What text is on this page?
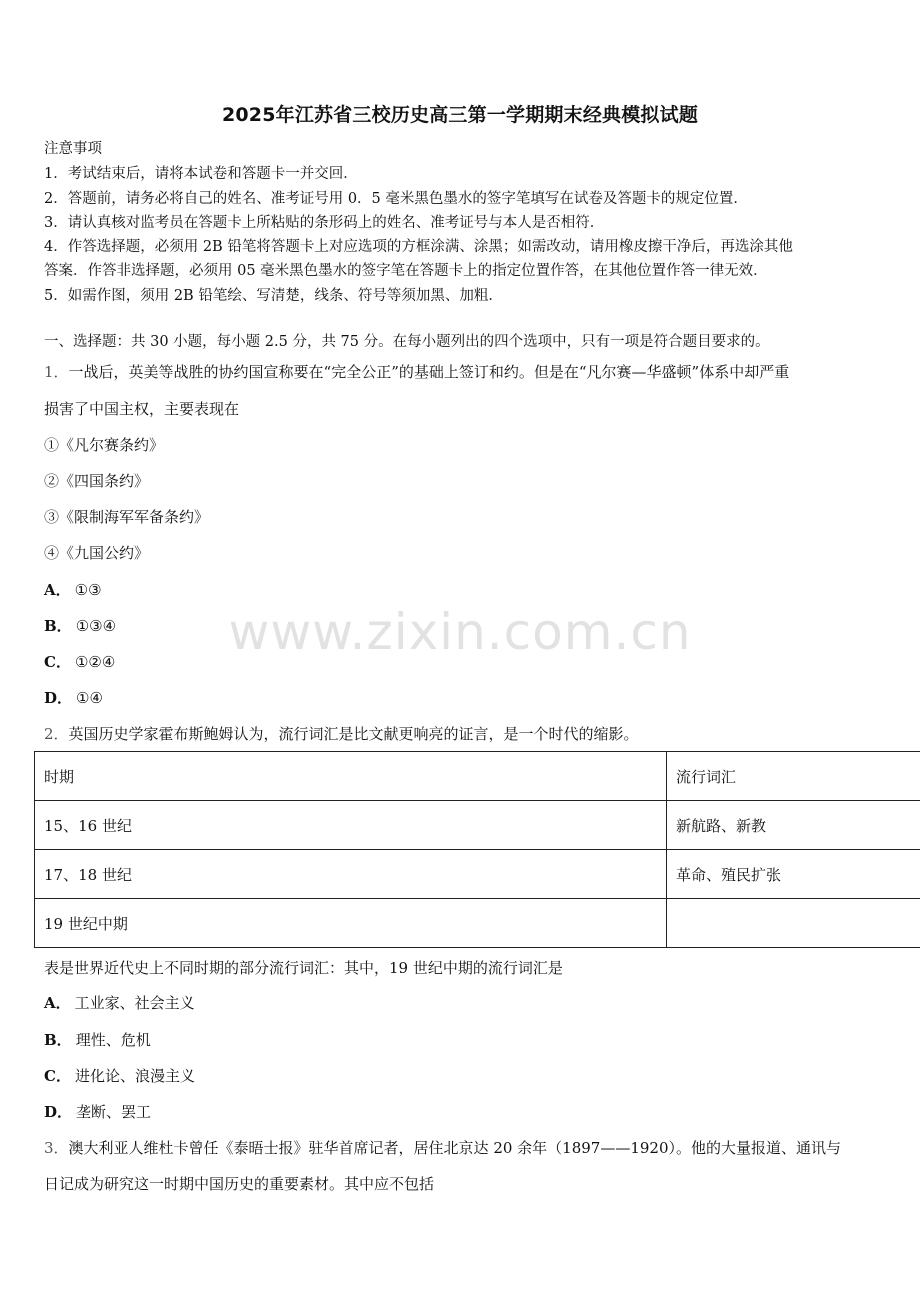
2025年江苏省三校历史高三第一学期期末经典模拟试题
注意事项
1．考试结束后，请将本试卷和答题卡一并交回．
2．答题前，请务必将自己的姓名、准考证号用 0．5 毫米黑色墨水的签字笔填写在试卷及答题卡的规定位置．
3．请认真核对监考员在答题卡上所粘贴的条形码上的姓名、准考证号与本人是否相符．
4．作答选择题，必须用 2B 铅笔将答题卡上对应选项的方框涂满、涂黑；如需改动，请用橡皮擦干净后，再选涂其他
答案．作答非选择题，必须用 05 毫米黑色墨水的签字笔在答题卡上的指定位置作答，在其他位置作答一律无效．
5．如需作图，须用 2B 铅笔绘、写清楚，线条、符号等须加黑、加粗．
一、选择题：共 30 小题，每小题 2.5 分，共 75 分。在每小题列出的四个选项中，只有一项是符合题目要求的。
1．一战后，英美等战胜的协约国宣称要在“完全公正”的基础上签订和约。但是在“凡尔赛—华盛顿”体系中却严重
损害了中国主权，主要表现在
①《凡尔赛条约》
②《四国条约》
③《限制海军军备条约》
④《九国公约》
A． ①③
B． ①③④
C． ①②④
D． ①④
2．英国历史学家霍布斯鲍姆认为，流行词汇是比文献更响亮的证言，是一个时代的缩影。
时期	流行词汇
15、16 世纪	新航路、新教
17、18 世纪	革命、殖民扩张
19 世纪中期	
表是世界近代史上不同时期的部分流行词汇：其中，19 世纪中期的流行词汇是
A． 工业家、社会主义
B． 理性、危机
C． 进化论、浪漫主义
D． 垄断、罢工
3．澳大利亚人维杜卡曾任《泰晤士报》驻华首席记者，居住北京达 20 余年（1897——1920）。他的大量报道、通讯与
日记成为研究这一时期中国历史的重要素材。其中应不包括
www.zixin.com.cn
